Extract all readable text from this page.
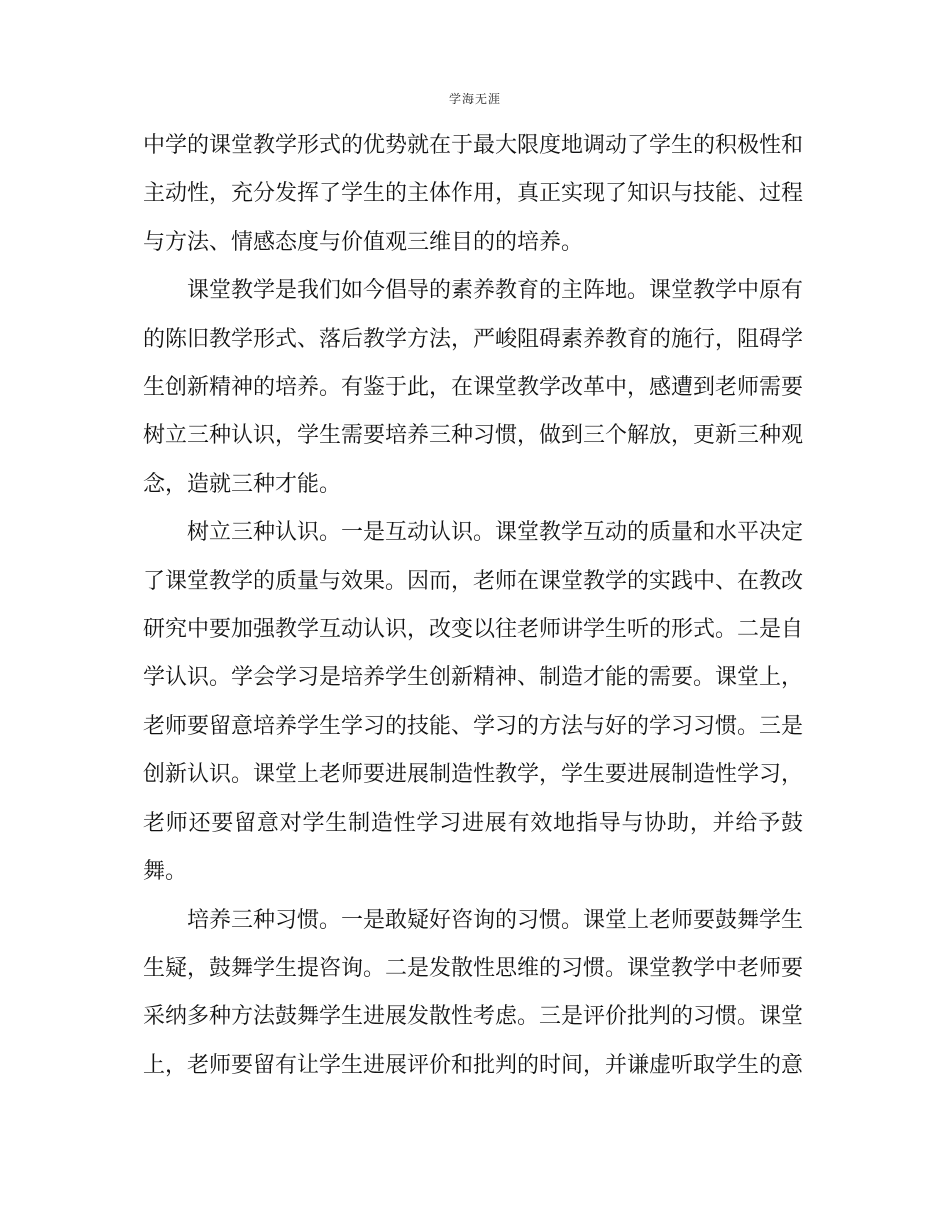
学海无涯

中学的课堂教学形式的优势就在于最大限度地调动了学生的积极性和主动性，充分发挥了学生的主体作用，真正实现了知识与技能、过程与方法、情感态度与价值观三维目的的培养。

课堂教学是我们如今倡导的素养教育的主阵地。课堂教学中原有的陈旧教学形式、落后教学方法，严峻阻碍素养教育的施行，阻碍学生创新精神的培养。有鉴于此，在课堂教学改革中，感遭到老师需要树立三种认识，学生需要培养三种习惯，做到三个解放，更新三种观念，造就三种才能。

树立三种认识。一是互动认识。课堂教学互动的质量和水平决定了课堂教学的质量与效果。因而，老师在课堂教学的实践中、在教改研究中要加强教学互动认识，改变以往老师讲学生听的形式。二是自学认识。学会学习是培养学生创新精神、制造才能的需要。课堂上，老师要留意培养学生学习的技能、学习的方法与好的学习习惯。三是创新认识。课堂上老师要进展制造性教学，学生要进展制造性学习，老师还要留意对学生制造性学习进展有效地指导与协助，并给予鼓舞。

培养三种习惯。一是敢疑好咨询的习惯。课堂上老师要鼓舞学生生疑，鼓舞学生提咨询。二是发散性思维的习惯。课堂教学中老师要采纳多种方法鼓舞学生进展发散性考虑。三是评价批判的习惯。课堂上，老师要留有让学生进展评价和批判的时间，并谦虚听取学生的意
